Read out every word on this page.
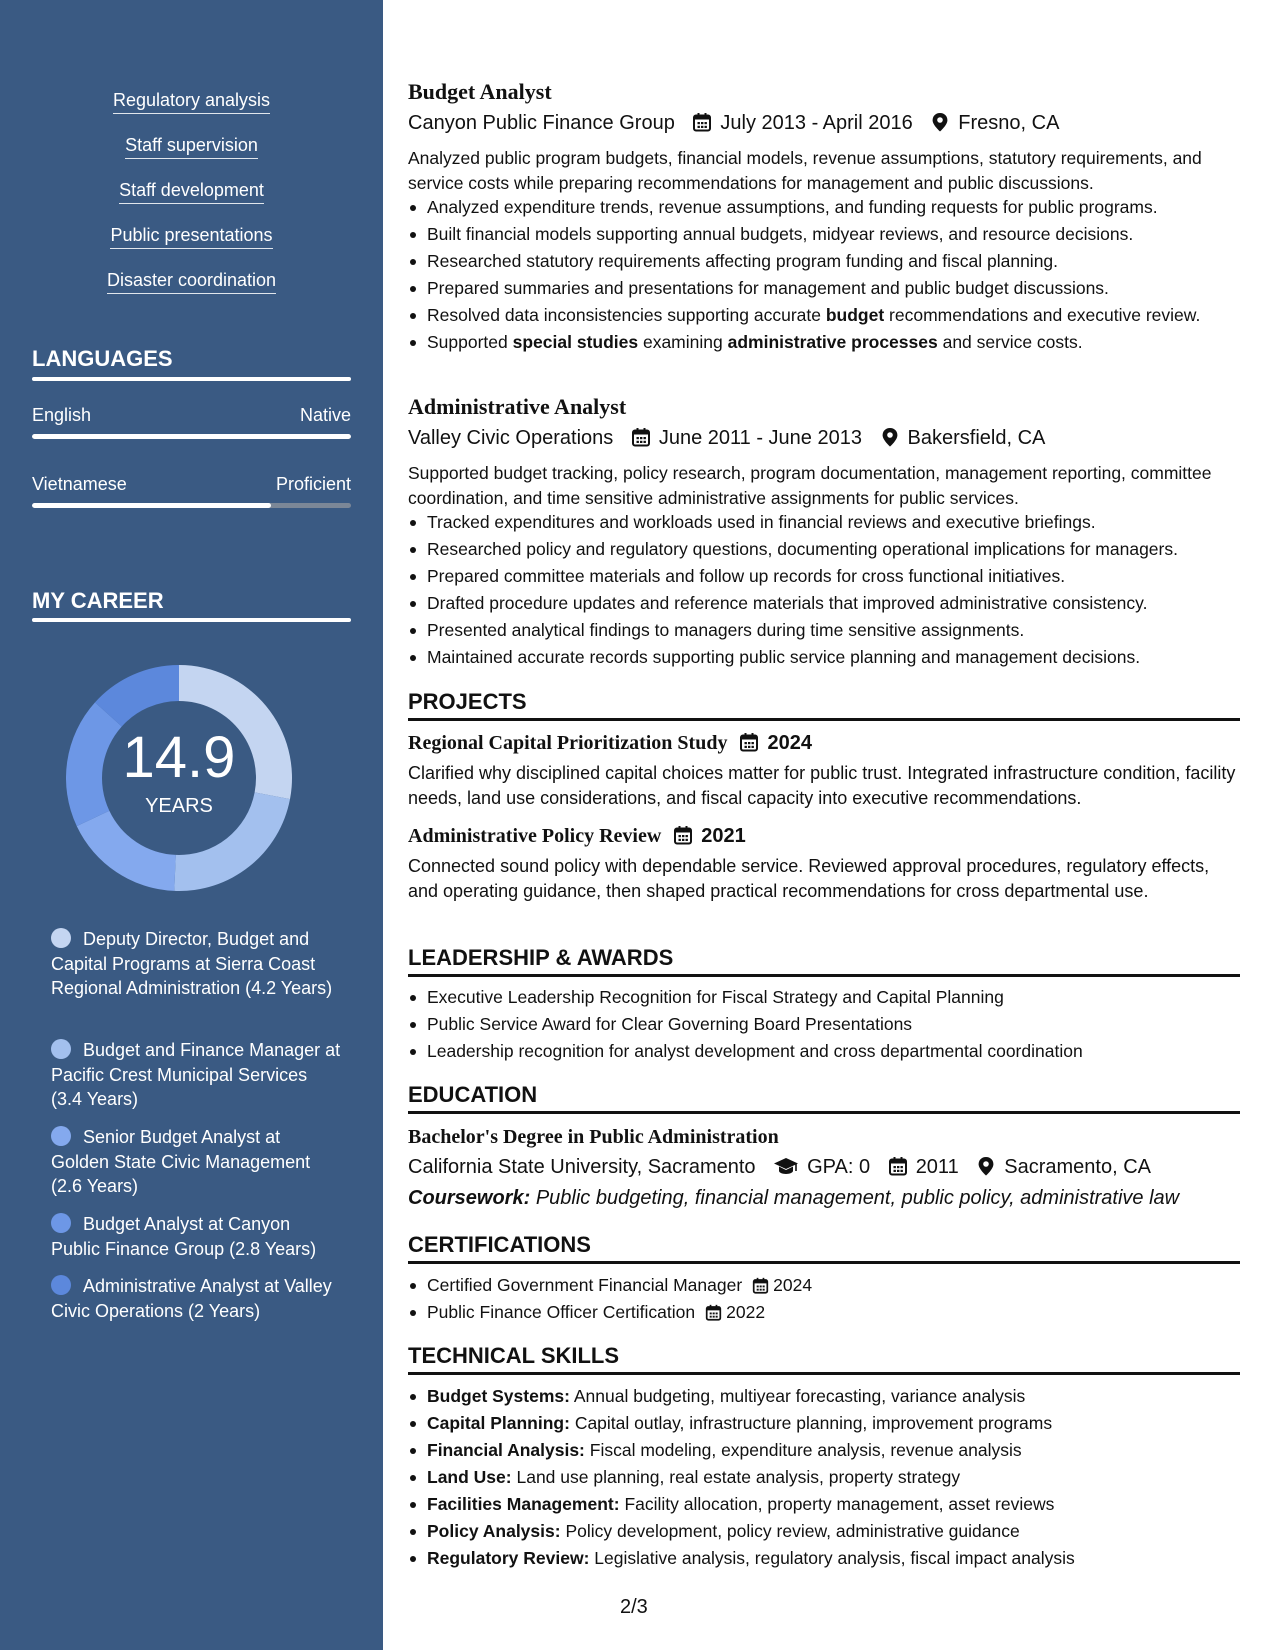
Regulatory analysis
Staff supervision
Staff development
Public presentations
Disaster coordination
LANGUAGES
English	Native
Vietnamese	Proficient
MY CAREER
14.9
YEARS
Deputy Director, Budget and Capital Programs at Sierra Coast Regional Administration (4.2 Years)
Budget and Finance Manager at Pacific Crest Municipal Services (3.4 Years)
Senior Budget Analyst at Golden State Civic Management (2.6 Years)
Budget Analyst at Canyon Public Finance Group (2.8 Years)
Administrative Analyst at Valley Civic Operations (2 Years)
Budget Analyst
Canyon Public Finance Group July 2013 - April 2016 Fresno, CA
Analyzed public program budgets, financial models, revenue assumptions, statutory requirements, and service costs while preparing recommendations for management and public discussions.
Analyzed expenditure trends, revenue assumptions, and funding requests for public programs.
Built financial models supporting annual budgets, midyear reviews, and resource decisions.
Researched statutory requirements affecting program funding and fiscal planning.
Prepared summaries and presentations for management and public budget discussions.
Resolved data inconsistencies supporting accurate budget recommendations and executive review.
Supported special studies examining administrative processes and service costs.
Administrative Analyst
Valley Civic Operations June 2011 - June 2013 Bakersfield, CA
Supported budget tracking, policy research, program documentation, management reporting, committee coordination, and time sensitive administrative assignments for public services.
Tracked expenditures and workloads used in financial reviews and executive briefings.
Researched policy and regulatory questions, documenting operational implications for managers.
Prepared committee materials and follow up records for cross functional initiatives.
Drafted procedure updates and reference materials that improved administrative consistency.
Presented analytical findings to managers during time sensitive assignments.
Maintained accurate records supporting public service planning and management decisions.
PROJECTS
Regional Capital Prioritization Study 2024
Clarified why disciplined capital choices matter for public trust. Integrated infrastructure condition, facility needs, land use considerations, and fiscal capacity into executive recommendations.
Administrative Policy Review 2021
Connected sound policy with dependable service. Reviewed approval procedures, regulatory effects, and operating guidance, then shaped practical recommendations for cross departmental use.
LEADERSHIP & AWARDS
Executive Leadership Recognition for Fiscal Strategy and Capital Planning
Public Service Award for Clear Governing Board Presentations
Leadership recognition for analyst development and cross departmental coordination
EDUCATION
Bachelor's Degree in Public Administration
California State University, Sacramento	GPA: 0 2011 Sacramento, CA
Coursework: Public budgeting, financial management, public policy, administrative law
CERTIFICATIONS
Certified Government Financial Manager 2024
Public Finance Officer Certification 2022
TECHNICAL SKILLS
Budget Systems: Annual budgeting, multiyear forecasting, variance analysis
Capital Planning: Capital outlay, infrastructure planning, improvement programs
Financial Analysis: Fiscal modeling, expenditure analysis, revenue analysis
Land Use: Land use planning, real estate analysis, property strategy
Facilities Management: Facility allocation, property management, asset reviews
Policy Analysis: Policy development, policy review, administrative guidance
Regulatory Review: Legislative analysis, regulatory analysis, fiscal impact analysis
2/3
